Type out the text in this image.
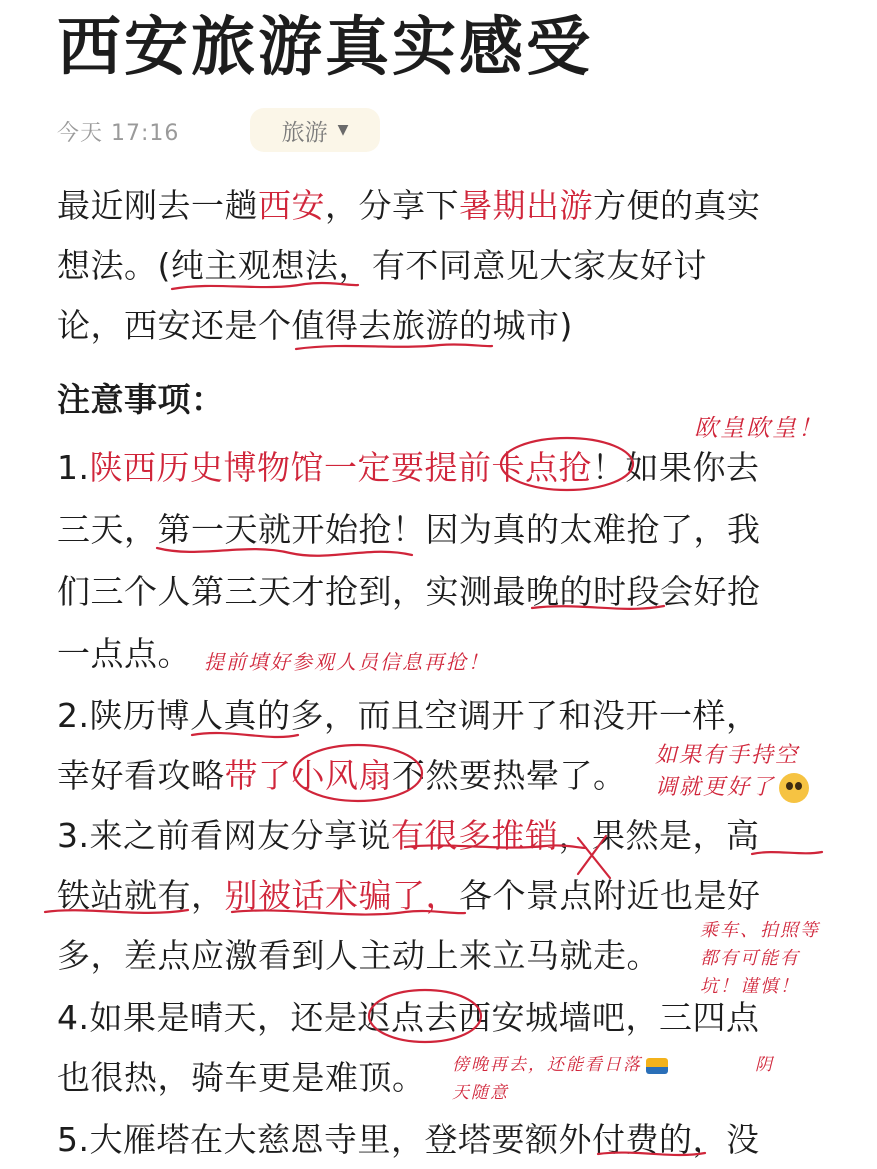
西安旅游真实感受
今天 17:16	旅游 ▼
最近刚去一趟西安，分享下暑期出游方便的真实
想法。(纯主观想法，有不同意见大家友好讨
论，西安还是个值得去旅游的城市)
注意事项：
1.陕西历史博物馆一定要提前卡点抢！如果你去
三天，第一天就开始抢！因为真的太难抢了，我
们三个人第三天才抢到，实测最晚的时段会好抢
一点点。
2.陕历博人真的多，而且空调开了和没开一样，
幸好看攻略带了小风扇不然要热晕了。
3.来之前看网友分享说有很多推销，果然是，高
铁站就有，别被话术骗了，各个景点附近也是好
多，差点应激看到人主动上来立马就走。
4.如果是晴天，还是迟点去西安城墙吧，三四点
也很热，骑车更是难顶。
5.大雁塔在大慈恩寺里，登塔要额外付费的，没
欧皇欧皇！
提前填好参观人员信息再抢！
如果有手持空
调就更好了
乘车、拍照等
都有可能有
坑！谨慎！
傍晚再去，还能看日落	阴
天随意
